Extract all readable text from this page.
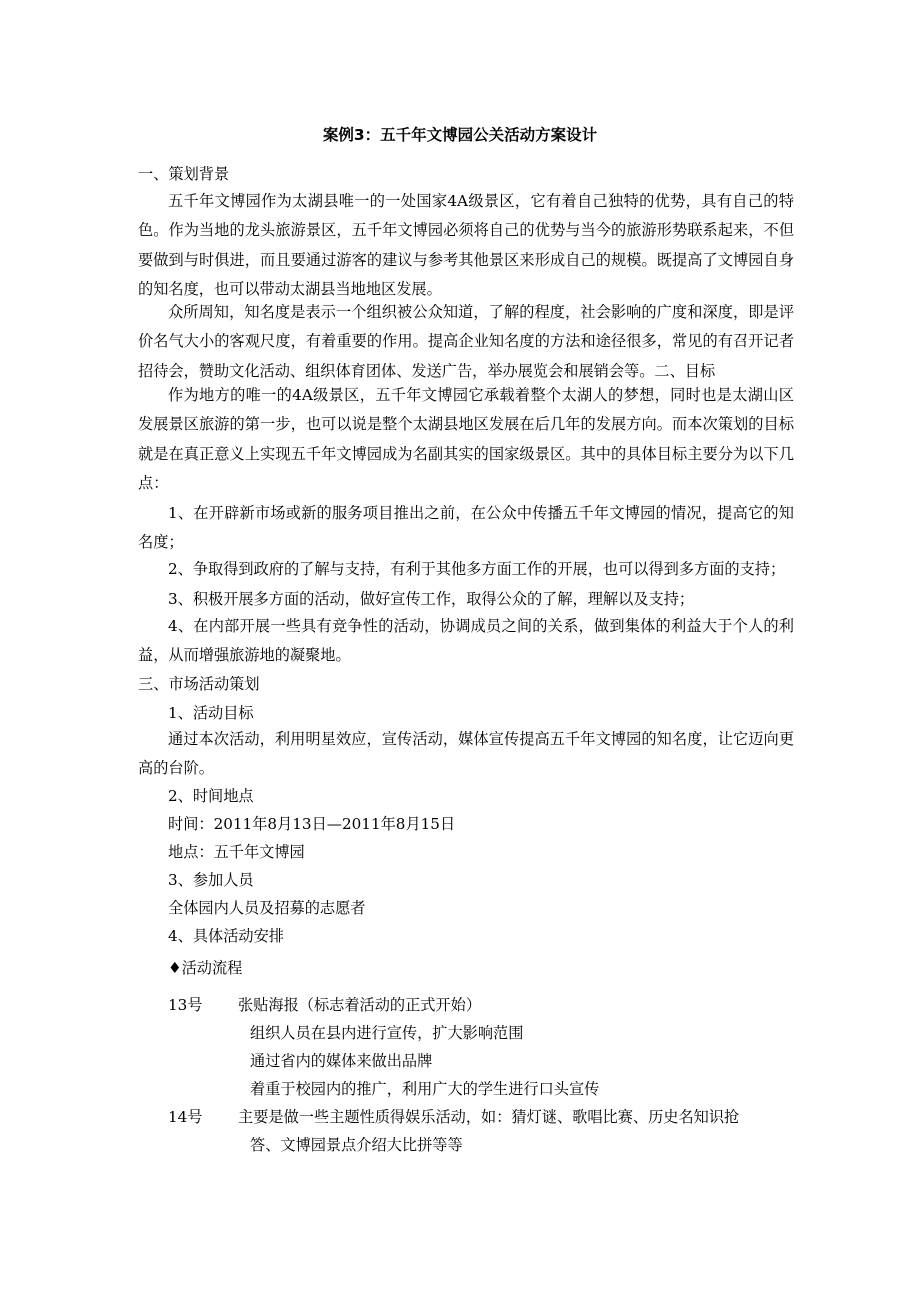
案例3：五千年文博园公关活动方案设计
一、策划背景
五千年文博园作为太湖县唯一的一处国家4A级景区，它有着自己独特的优势，具有自己的特色。作为当地的龙头旅游景区，五千年文博园必须将自己的优势与当今的旅游形势联系起来，不但要做到与时俱进，而且要通过游客的建议与参考其他景区来形成自己的规模。既提高了文博园自身的知名度，也可以带动太湖县当地地区发展。
众所周知，知名度是表示一个组织被公众知道，了解的程度，社会影响的广度和深度，即是评价名气大小的客观尺度，有着重要的作用。提高企业知名度的方法和途径很多，常见的有召开记者招待会，赞助文化活动、组织体育团体、发送广告，举办展览会和展销会等。二、目标
作为地方的唯一的4A级景区，五千年文博园它承载着整个太湖人的梦想，同时也是太湖山区发展景区旅游的第一步，也可以说是整个太湖县地区发展在后几年的发展方向。而本次策划的目标就是在真正意义上实现五千年文博园成为名副其实的国家级景区。其中的具体目标主要分为以下几点：
1、在开辟新市场或新的服务项目推出之前，在公众中传播五千年文博园的情况，提高它的知名度；
2、争取得到政府的了解与支持，有利于其他多方面工作的开展，也可以得到多方面的支持；
3、积极开展多方面的活动，做好宣传工作，取得公众的了解，理解以及支持；
4、在内部开展一些具有竞争性的活动，协调成员之间的关系，做到集体的利益大于个人的利益，从而增强旅游地的凝聚地。
三、市场活动策划
1、活动目标
通过本次活动，利用明星效应，宣传活动，媒体宣传提高五千年文博园的知名度，让它迈向更高的台阶。
2、时间地点
时间：2011年8月13日—2011年8月15日
地点：五千年文博园
3、参加人员
全体园内人员及招募的志愿者
4、具体活动安排
♦活动流程
13号 张贴海报（标志着活动的正式开始）
组织人员在县内进行宣传，扩大影响范围
通过省内的媒体来做出品牌
着重于校园内的推广，利用广大的学生进行口头宣传
14号 主要是做一些主题性质得娱乐活动，如：猜灯谜、歌唱比赛、历史名知识抢
答、文博园景点介绍大比拼等等
